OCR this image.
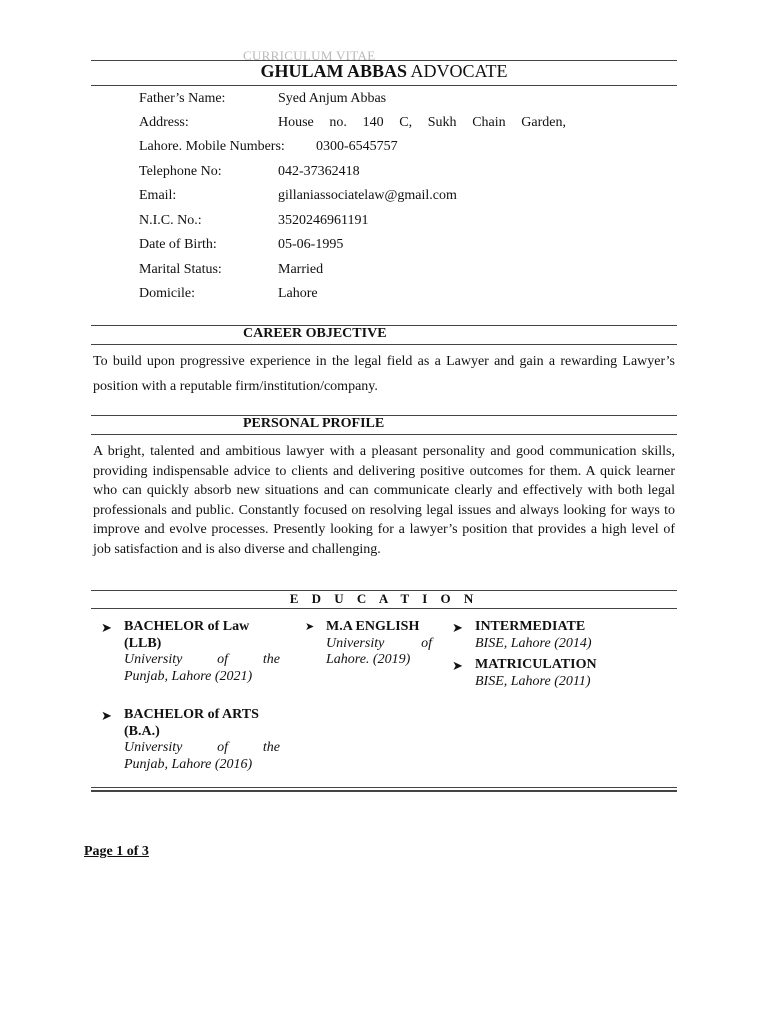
CURRICULUM VITAE
GHULAM ABBAS ADVOCATE
Father’s Name:	Syed Anjum Abbas
Address:	House no. 140 C, Sukh Chain Garden,
Lahore. Mobile Numbers: 0300-6545757
Telephone No:	042-37362418
Email:	gillaniassociatelaw@gmail.com
N.I.C. No.:	3520246961191
Date of Birth:	05-06-1995
Marital Status:	Married
Domicile:	Lahore
CAREER OBJECTIVE
To build upon progressive experience in the legal field as a Lawyer and gain a rewarding Lawyer’s position with a reputable firm/institution/company.
PERSONAL PROFILE
A bright, talented and ambitious lawyer with a pleasant personality and good communication skills, providing indispensable advice to clients and delivering positive outcomes for them. A quick learner who can quickly absorb new situations and can communicate clearly and effectively with both legal professionals and public. Constantly focused on resolving legal issues and always looking for ways to improve and evolve processes. Presently looking for a lawyer’s position that provides a high level of job satisfaction and is also diverse and challenging.
E D U C A T I O N
➤ BACHELOR of Law
(LLB)
University of the
Punjab, Lahore (2021)
➤ BACHELOR of ARTS
(B.A.)
University of the
Punjab, Lahore (2016)
➤ M.A ENGLISH
University of
Lahore. (2019)
➤ INTERMEDIATE
BISE, Lahore (2014)
➤ MATRICULATION
BISE, Lahore (2011)
Page 1 of 3
